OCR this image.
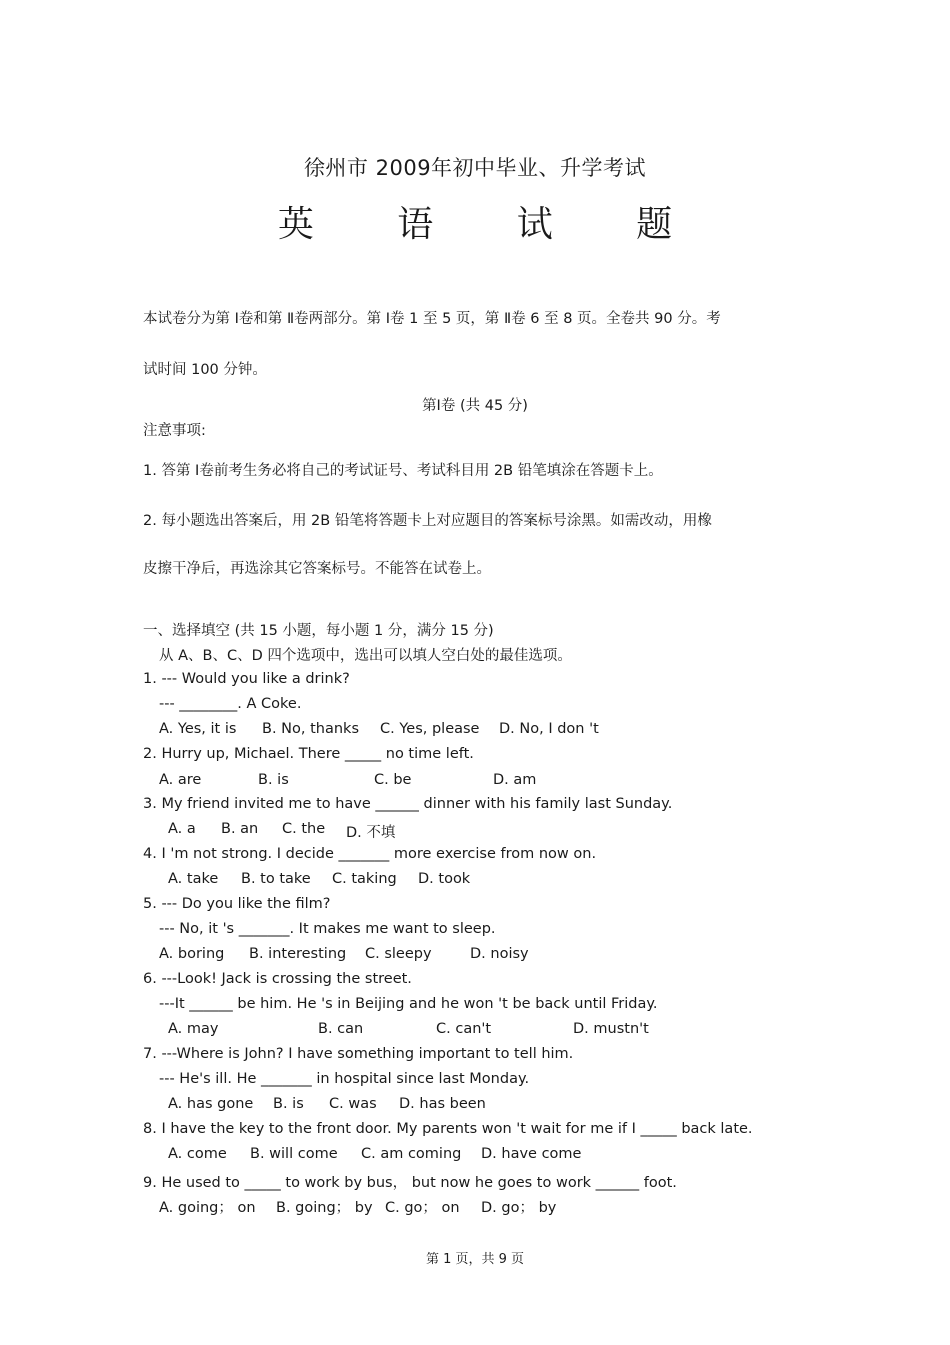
徐州市 2009年初中毕业、升学考试
英 语 试 题
本试卷分为第 Ⅰ卷和第 Ⅱ卷两部分。第 Ⅰ卷 1 至 5 页，第 Ⅱ卷 6 至 8 页。全卷共 90 分。考
试时间 100 分钟。
第Ⅰ卷 (共 45 分)
注意事项:
1. 答第 Ⅰ卷前考生务必将自己的考试证号、考试科目用 2B 铅笔填涂在答题卡上。
2. 每小题选出答案后，用 2B 铅笔将答题卡上对应题目的答案标号涂黑。如需改动，用橡
皮擦干净后，再选涂其它答案标号。不能答在试卷上。
一、选择填空 (共 15 小题，每小题 1 分，满分 15 分)
从 A、B、C、D 四个选项中，选出可以填人空白处的最佳选项。
1. --- Would you like a drink?
--- ________. A Coke.
A. Yes, it is	B. No, thanks	C. Yes, please	D. No, I don 't
2. Hurry up, Michael. There _____ no time left.
A. are	B. is	C. be	D. am
3. My friend invited me to have ______ dinner with his family last Sunday.
A. a	B. an	C. the	D. 不填
4. I 'm not strong. I decide _______ more exercise from now on.
A. take	B. to take	C. taking	D. took
5. --- Do you like the film?
--- No, it 's _______. It makes me want to sleep.
A. boring	B. interesting	C. sleepy	D. noisy
6. ---Look! Jack is crossing the street.
---It ______ be him. He 's in Beijing and he won 't be back until Friday.
A. may	B. can	C. can't	D. mustn't
7. ---Where is John? I have something important to tell him.
--- He's ill. He _______ in hospital since last Monday.
A. has gone	B. is	C. was	D. has been
8. I have the key to the front door. My parents won 't wait for me if I _____ back late.
A. come	B. will come	C. am coming	D. have come
9. He used to _____ to work by bus， but now he goes to work ______ foot.
A. going； on	B. going； by C. go； on	D. go； by
第 1 页，共 9 页
